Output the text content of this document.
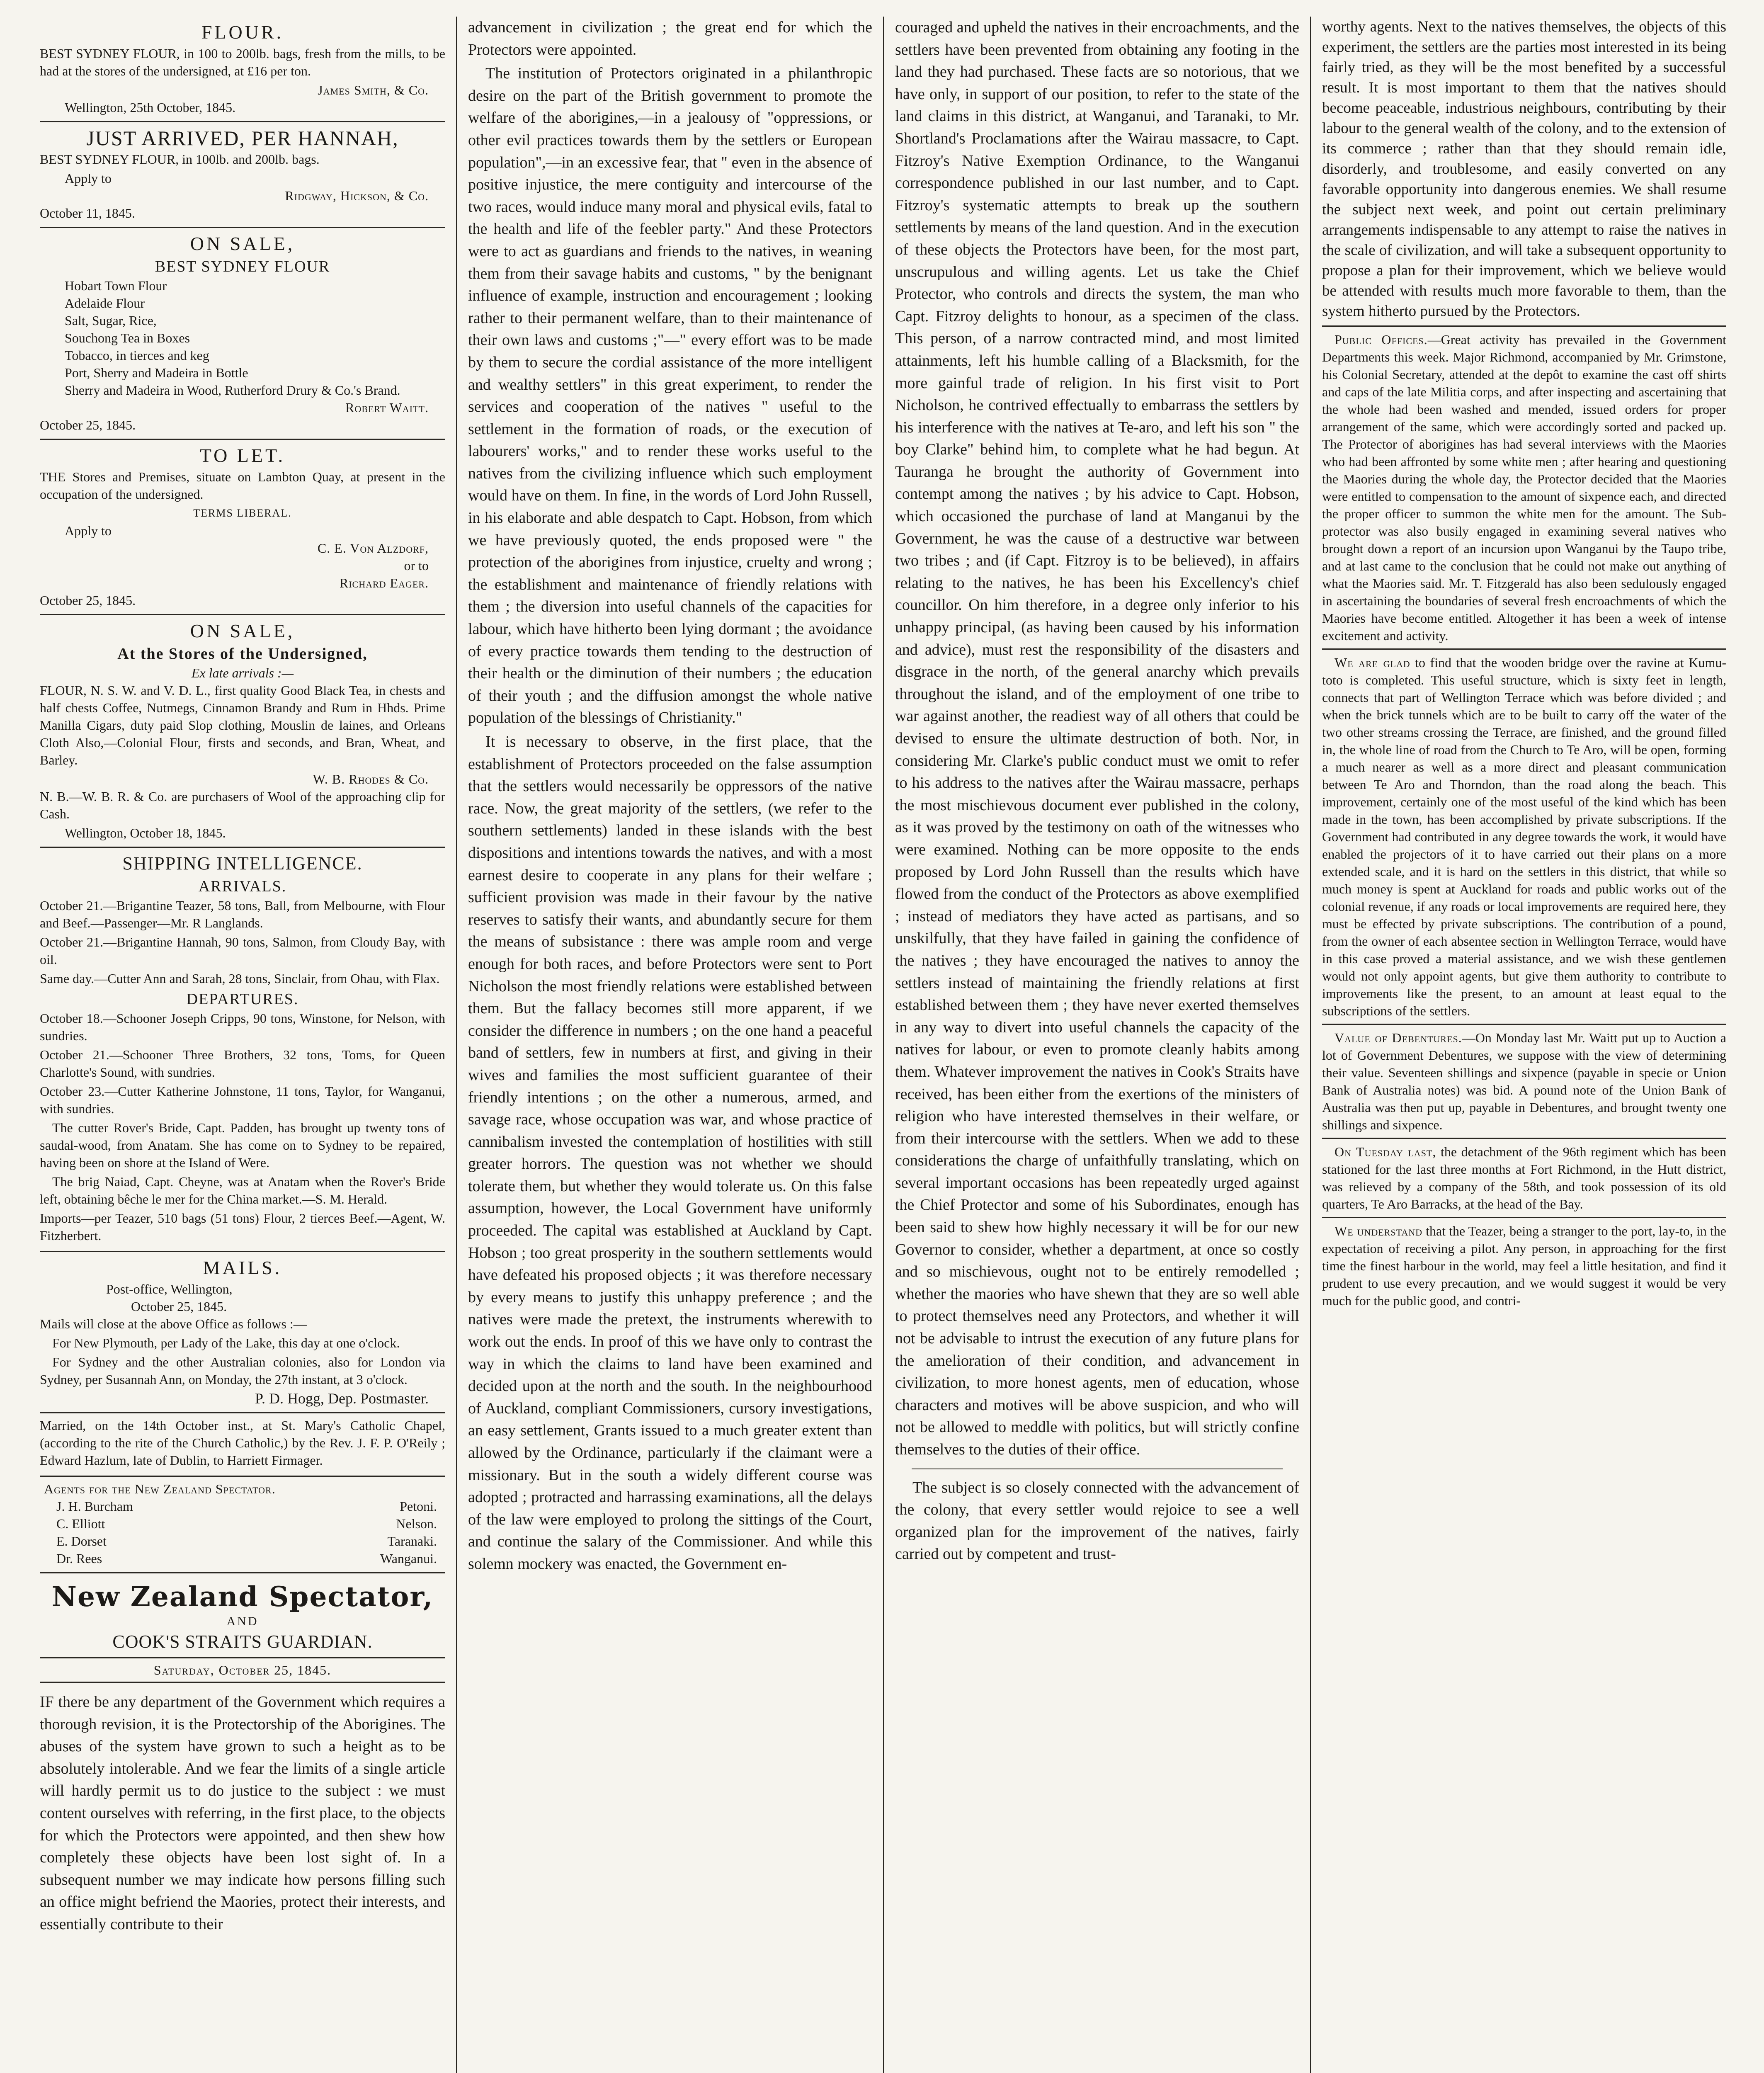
FLOUR.

BEST SYDNEY FLOUR, in 100 to 200lb. bags, fresh from the mills, to be had at the stores of the undersigned, at £16 per ton.

James Smith, & Co.
Wellington, 25th October, 1845.
JUST ARRIVED, PER HANNAH,

BEST SYDNEY FLOUR, in 100lb. and 200lb. bags.

Apply to
Ridgway, Hickson, & Co.
October 11, 1845.
ON SALE,
BEST SYDNEY FLOUR
Hobart Town Flour
Adelaide Flour
Salt, Sugar, Rice,
Souchong Tea in Boxes
Tobacco, in tierces and keg
Port, Sherry and Madeira in Bottle
Sherry and Madeira in Wood, Rutherford Drury & Co.'s Brand.
Robert Waitt.
October 25, 1845.
TO LET.

THE Stores and Premises, situate on Lambton Quay, at present in the occupation of the undersigned.

TERMS LIBERAL.
Apply to
C. E. Von Alzdorf,
or to
Richard Eager.
October 25, 1845.
ON SALE,
At the Stores of the Undersigned,
Ex late arrivals :—

FLOUR, N. S. W. and V. D. L., first quality Good Black Tea, in chests and half chests Coffee, Nutmegs, Cinnamon Brandy and Rum in Hhds. Prime Manilla Cigars, duty paid Slop clothing, Mouslin de laines, and Orleans Cloth Also,—Colonial Flour, firsts and seconds, and Bran, Wheat, and Barley.

W. B. Rhodes & Co.

N. B.—W. B. R. & Co. are purchasers of Wool of the approaching clip for Cash.

Wellington, October 18, 1845.
SHIPPING INTELLIGENCE.
ARRIVALS.

October 21.—Brigantine Teazer, 58 tons, Ball, from Melbourne, with Flour and Beef.—Passenger—Mr. R Langlands.

October 21.—Brigantine Hannah, 90 tons, Salmon, from Cloudy Bay, with oil.

Same day.—Cutter Ann and Sarah, 28 tons, Sinclair, from Ohau, with Flax.

DEPARTURES.

October 18.—Schooner Joseph Cripps, 90 tons, Winstone, for Nelson, with sundries.

October 21.—Schooner Three Brothers, 32 tons, Toms, for Queen Charlotte's Sound, with sundries.

October 23.—Cutter Katherine Johnstone, 11 tons, Taylor, for Wanganui, with sundries.

The cutter Rover's Bride, Capt. Padden, has brought up twenty tons of saudal-wood, from Anatam. She has come on to Sydney to be repaired, having been on shore at the Island of Were.

The brig Naiad, Capt. Cheyne, was at Anatam when the Rover's Bride left, obtaining bêche le mer for the China market.—S. M. Herald.

Imports—per Teazer, 510 bags (51 tons) Flour, 2 tierces Beef.—Agent, W. Fitzherbert.

MAILS.
Post-office, Wellington,
October 25, 1845.

Mails will close at the above Office as follows :—

For New Plymouth, per Lady of the Lake, this day at one o'clock.

For Sydney and the other Australian colonies, also for London via Sydney, per Susannah Ann, on Monday, the 27th instant, at 3 o'clock.

P. D. Hogg, Dep. Postmaster.

Married, on the 14th October inst., at St. Mary's Catholic Chapel, (according to the rite of the Church Catholic,) by the Rev. J. F. P. O'Reily ; Edward Hazlum, late of Dublin, to Harriett Firmager.

Agents for the New Zealand Spectator.
J. H. Burcham	Petoni.
C. Elliott	Nelson.
E. Dorset	Taranaki.
Dr. Rees	Wanganui.
New Zealand Spectator,
AND
COOK'S STRAITS GUARDIAN.
Saturday, October 25, 1845.

IF there be any department of the Government which requires a thorough revision, it is the Protectorship of the Aborigines. The abuses of the system have grown to such a height as to be absolutely intolerable. And we fear the limits of a single article will hardly permit us to do justice to the subject : we must content ourselves with referring, in the first place, to the objects for which the Protectors were appointed, and then shew how completely these objects have been lost sight of. In a subsequent number we may indicate how persons filling such an office might befriend the Maories, protect their interests, and essentially contribute to their

advancement in civilization ; the great end for which the Protectors were appointed.

The institution of Protectors originated in a philanthropic desire on the part of the British government to promote the welfare of the aborigines,—in a jealousy of "oppressions, or other evil practices towards them by the settlers or European population",—in an excessive fear, that " even in the absence of positive injustice, the mere contiguity and intercourse of the two races, would induce many moral and physical evils, fatal to the health and life of the feebler party." And these Protectors were to act as guardians and friends to the natives, in weaning them from their savage habits and customs, " by the benignant influence of example, instruction and encouragement ; looking rather to their permanent welfare, than to their maintenance of their own laws and customs ;"—" every effort was to be made by them to secure the cordial assistance of the more intelligent and wealthy settlers" in this great experiment, to render the services and cooperation of the natives " useful to the settlement in the formation of roads, or the execution of labourers' works," and to render these works useful to the natives from the civilizing influence which such employment would have on them. In fine, in the words of Lord John Russell, in his elaborate and able despatch to Capt. Hobson, from which we have previously quoted, the ends proposed were " the protection of the aborigines from injustice, cruelty and wrong ; the establishment and maintenance of friendly relations with them ; the diversion into useful channels of the capacities for labour, which have hitherto been lying dormant ; the avoidance of every practice towards them tending to the destruction of their health or the diminution of their numbers ; the education of their youth ; and the diffusion amongst the whole native population of the blessings of Christianity."

It is necessary to observe, in the first place, that the establishment of Protectors proceeded on the false assumption that the settlers would necessarily be oppressors of the native race. Now, the great majority of the settlers, (we refer to the southern settlements) landed in these islands with the best dispositions and intentions towards the natives, and with a most earnest desire to cooperate in any plans for their welfare ; sufficient provision was made in their favour by the native reserves to satisfy their wants, and abundantly secure for them the means of subsistance : there was ample room and verge enough for both races, and before Protectors were sent to Port Nicholson the most friendly relations were established between them. But the fallacy becomes still more apparent, if we consider the difference in numbers ; on the one hand a peaceful band of settlers, few in numbers at first, and giving in their wives and families the most sufficient guarantee of their friendly intentions ; on the other a numerous, armed, and savage race, whose occupation was war, and whose practice of cannibalism invested the contemplation of hostilities with still greater horrors. The question was not whether we should tolerate them, but whether they would tolerate us. On this false assumption, however, the Local Government have uniformly proceeded. The capital was established at Auckland by Capt. Hobson ; too great prosperity in the southern settlements would have defeated his proposed objects ; it was therefore necessary by every means to justify this unhappy preference ; and the natives were made the pretext, the instruments wherewith to work out the ends. In proof of this we have only to contrast the way in which the claims to land have been examined and decided upon at the north and the south. In the neighbourhood of Auckland, compliant Commissioners, cursory investigations, an easy settlement, Grants issued to a much greater extent than allowed by the Ordinance, particularly if the claimant were a missionary. But in the south a widely different course was adopted ; protracted and harrassing examinations, all the delays of the law were employed to prolong the sittings of the Court, and continue the salary of the Commissioner. And while this solemn mockery was enacted, the Government en-

couraged and upheld the natives in their encroachments, and the settlers have been prevented from obtaining any footing in the land they had purchased. These facts are so notorious, that we have only, in support of our position, to refer to the state of the land claims in this district, at Wanganui, and Taranaki, to Mr. Shortland's Proclamations after the Wairau massacre, to Capt. Fitzroy's Native Exemption Ordinance, to the Wanganui correspondence published in our last number, and to Capt. Fitzroy's systematic attempts to break up the southern settlements by means of the land question. And in the execution of these objects the Protectors have been, for the most part, unscrupulous and willing agents. Let us take the Chief Protector, who controls and directs the system, the man who Capt. Fitzroy delights to honour, as a specimen of the class. This person, of a narrow contracted mind, and most limited attainments, left his humble calling of a Blacksmith, for the more gainful trade of religion. In his first visit to Port Nicholson, he contrived effectually to embarrass the settlers by his interference with the natives at Te-aro, and left his son " the boy Clarke" behind him, to complete what he had begun. At Tauranga he brought the authority of Government into contempt among the natives ; by his advice to Capt. Hobson, which occasioned the purchase of land at Manganui by the Government, he was the cause of a destructive war between two tribes ; and (if Capt. Fitzroy is to be believed), in affairs relating to the natives, he has been his Excellency's chief councillor. On him therefore, in a degree only inferior to his unhappy principal, (as having been caused by his information and advice), must rest the responsibility of the disasters and disgrace in the north, of the general anarchy which prevails throughout the island, and of the employment of one tribe to war against another, the readiest way of all others that could be devised to ensure the ultimate destruction of both. Nor, in considering Mr. Clarke's public conduct must we omit to refer to his address to the natives after the Wairau massacre, perhaps the most mischievous document ever published in the colony, as it was proved by the testimony on oath of the witnesses who were examined. Nothing can be more opposite to the ends proposed by Lord John Russell than the results which have flowed from the conduct of the Protectors as above exemplified ; instead of mediators they have acted as partisans, and so unskilfully, that they have failed in gaining the confidence of the natives ; they have encouraged the natives to annoy the settlers instead of maintaining the friendly relations at first established between them ; they have never exerted themselves in any way to divert into useful channels the capacity of the natives for labour, or even to promote cleanly habits among them. Whatever improvement the natives in Cook's Straits have received, has been either from the exertions of the ministers of religion who have interested themselves in their welfare, or from their intercourse with the settlers. When we add to these considerations the charge of unfaithfully translating, which on several important occasions has been repeatedly urged against the Chief Protector and some of his Subordinates, enough has been said to shew how highly necessary it will be for our new Governor to consider, whether a department, at once so costly and so mischievous, ought not to be entirely remodelled ; whether the maories who have shewn that they are so well able to protect themselves need any Protectors, and whether it will not be advisable to intrust the execution of any future plans for the amelioration of their condition, and advancement in civilization, to more honest agents, men of education, whose characters and motives will be above suspicion, and who will not be allowed to meddle with politics, but will strictly confine themselves to the duties of their office.

The subject is so closely connected with the advancement of the colony, that every settler would rejoice to see a well organized plan for the improvement of the natives, fairly carried out by competent and trust-

worthy agents. Next to the natives themselves, the objects of this experiment, the settlers are the parties most interested in its being fairly tried, as they will be the most benefited by a successful result. It is most important to them that the natives should become peaceable, industrious neighbours, contributing by their labour to the general wealth of the colony, and to the extension of its commerce ; rather than that they should remain idle, disorderly, and troublesome, and easily converted on any favorable opportunity into dangerous enemies. We shall resume the subject next week, and point out certain preliminary arrangements indispensable to any attempt to raise the natives in the scale of civilization, and will take a subsequent opportunity to propose a plan for their improvement, which we believe would be attended with results much more favorable to them, than the system hitherto pursued by the Protectors.

Public Offices.—Great activity has prevailed in the Government Departments this week. Major Richmond, accompanied by Mr. Grimstone, his Colonial Secretary, attended at the depôt to examine the cast off shirts and caps of the late Militia corps, and after inspecting and ascertaining that the whole had been washed and mended, issued orders for proper arrangement of the same, which were accordingly sorted and packed up. The Protector of aborigines has had several interviews with the Maories who had been affronted by some white men ; after hearing and questioning the Maories during the whole day, the Protector decided that the Maories were entitled to compensation to the amount of sixpence each, and directed the proper officer to summon the white men for the amount. The Sub-protector was also busily engaged in examining several natives who brought down a report of an incursion upon Wanganui by the Taupo tribe, and at last came to the conclusion that he could not make out anything of what the Maories said. Mr. T. Fitzgerald has also been sedulously engaged in ascertaining the boundaries of several fresh encroachments of which the Maories have become entitled. Altogether it has been a week of intense excitement and activity.

We are glad to find that the wooden bridge over the ravine at Kumu-toto is completed. This useful structure, which is sixty feet in length, connects that part of Wellington Terrace which was before divided ; and when the brick tunnels which are to be built to carry off the water of the two other streams crossing the Terrace, are finished, and the ground filled in, the whole line of road from the Church to Te Aro, will be open, forming a much nearer as well as a more direct and pleasant communication between Te Aro and Thorndon, than the road along the beach. This improvement, certainly one of the most useful of the kind which has been made in the town, has been accomplished by private subscriptions. If the Government had contributed in any degree towards the work, it would have enabled the projectors of it to have carried out their plans on a more extended scale, and it is hard on the settlers in this district, that while so much money is spent at Auckland for roads and public works out of the colonial revenue, if any roads or local improvements are required here, they must be effected by private subscriptions. The contribution of a pound, from the owner of each absentee section in Wellington Terrace, would have in this case proved a material assistance, and we wish these gentlemen would not only appoint agents, but give them authority to contribute to improvements like the present, to an amount at least equal to the subscriptions of the settlers.

Value of Debentures.—On Monday last Mr. Waitt put up to Auction a lot of Government Debentures, we suppose with the view of determining their value. Seventeen shillings and sixpence (payable in specie or Union Bank of Australia notes) was bid. A pound note of the Union Bank of Australia was then put up, payable in Debentures, and brought twenty one shillings and sixpence.

On Tuesday last, the detachment of the 96th regiment which has been stationed for the last three months at Fort Richmond, in the Hutt district, was relieved by a company of the 58th, and took possession of its old quarters, Te Aro Barracks, at the head of the Bay.

We understand that the Teazer, being a stranger to the port, lay-to, in the expectation of receiving a pilot. Any person, in approaching for the first time the finest harbour in the world, may feel a little hesitation, and find it prudent to use every precaution, and we would suggest it would be very much for the public good, and contri-
